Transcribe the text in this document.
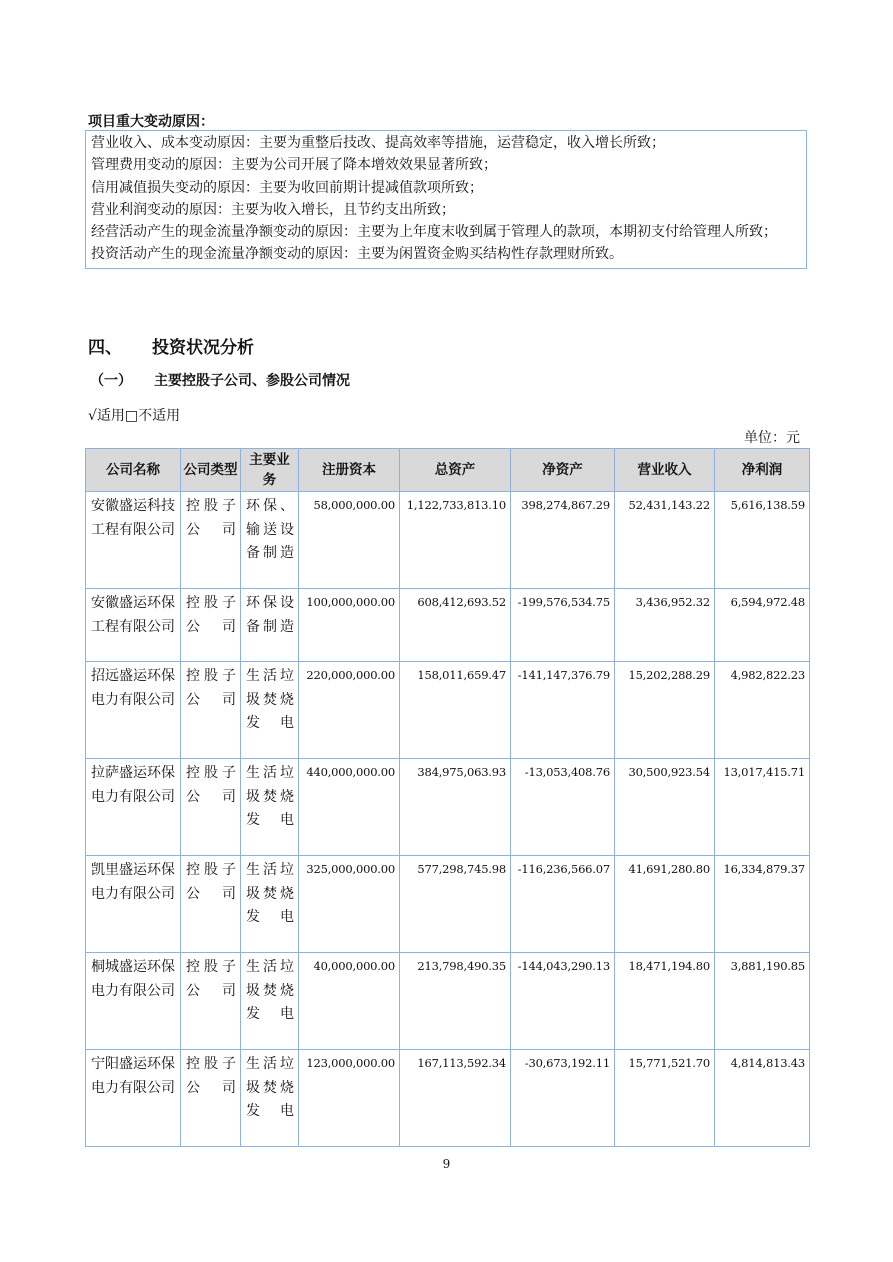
项目重大变动原因：
营业收入、成本变动原因：主要为重整后技改、提高效率等措施，运营稳定，收入增长所致；
管理费用变动的原因：主要为公司开展了降本增效效果显著所致；
信用减值损失变动的原因：主要为收回前期计提减值款项所致；
营业利润变动的原因：主要为收入增长，且节约支出所致；
经营活动产生的现金流量净额变动的原因：主要为上年度末收到属于管理人的款项，本期初支付给管理人所致；
投资活动产生的现金流量净额变动的原因：主要为闲置资金购买结构性存款理财所致。
四、 投资状况分析
（一） 主要控股子公司、参股公司情况
√适用□不适用
单位：元
公司名称	公司类型	主要业务	注册资本	总资产	净资产	营业收入	净利润
安徽盛运科技工程有限公司	控股子公司	环保、输送设备制造	58,000,000.00	1,122,733,813.10	398,274,867.29	52,431,143.22	5,616,138.59
安徽盛运环保工程有限公司	控股子公司	环保设备制造	100,000,000.00	608,412,693.52	-199,576,534.75	3,436,952.32	6,594,972.48
招远盛运环保电力有限公司	控股子公司	生活垃圾焚烧发电	220,000,000.00	158,011,659.47	-141,147,376.79	15,202,288.29	4,982,822.23
拉萨盛运环保电力有限公司	控股子公司	生活垃圾焚烧发电	440,000,000.00	384,975,063.93	-13,053,408.76	30,500,923.54	13,017,415.71
凯里盛运环保电力有限公司	控股子公司	生活垃圾焚烧发电	325,000,000.00	577,298,745.98	-116,236,566.07	41,691,280.80	16,334,879.37
桐城盛运环保电力有限公司	控股子公司	生活垃圾焚烧发电	40,000,000.00	213,798,490.35	-144,043,290.13	18,471,194.80	3,881,190.85
宁阳盛运环保电力有限公司	控股子公司	生活垃圾焚烧发电	123,000,000.00	167,113,592.34	-30,673,192.11	15,771,521.70	4,814,813.43
9
